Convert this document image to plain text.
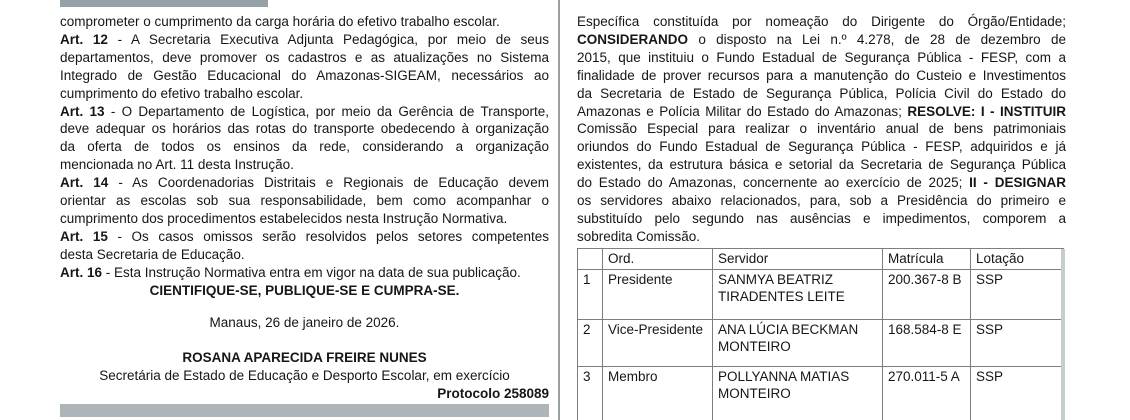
comprometer o cumprimento da carga horária do efetivo trabalho escolar.
Art. 12 - A Secretaria Executiva Adjunta Pedagógica, por meio de seus
departamentos, deve promover os cadastros e as atualizações no Sistema
Integrado de Gestão Educacional do Amazonas-SIGEAM, necessários ao
cumprimento do efetivo trabalho escolar.
Art. 13 - O Departamento de Logística, por meio da Gerência de Transporte,
deve adequar os horários das rotas do transporte obedecendo à organização
da oferta de todos os ensinos da rede, considerando a organização
mencionada no Art. 11 desta Instrução.
Art. 14 - As Coordenadorias Distritais e Regionais de Educação devem
orientar as escolas sob sua responsabilidade, bem como acompanhar o
cumprimento dos procedimentos estabelecidos nesta Instrução Normativa.
Art. 15 - Os casos omissos serão resolvidos pelos setores competentes
desta Secretaria de Educação.
Art. 16 - Esta Instrução Normativa entra em vigor na data de sua publicação.
CIENTIFIQUE-SE, PUBLIQUE-SE E CUMPRA-SE.
Manaus, 26 de janeiro de 2026.
ROSANA APARECIDA FREIRE NUNES
Secretária de Estado de Educação e Desporto Escolar, em exercício
Protocolo 258089
Específica constituída por nomeação do Dirigente do Órgão/Entidade;
CONSIDERANDO o disposto na Lei n.º 4.278, de 28 de dezembro de
2015, que instituiu o Fundo Estadual de Segurança Pública - FESP, com a
finalidade de prover recursos para a manutenção do Custeio e Investimentos
da Secretaria de Estado de Segurança Pública, Polícia Civil do Estado do
Amazonas e Polícia Militar do Estado do Amazonas; RESOLVE: I - INSTITUIR
Comissão Especial para realizar o inventário anual de bens patrimoniais
oriundos do Fundo Estadual de Segurança Pública - FESP, adquiridos e já
existentes, da estrutura básica e setorial da Secretaria de Segurança Pública
do Estado do Amazonas, concernente ao exercício de 2025; II - DESIGNAR
os servidores abaixo relacionados, para, sob a Presidência do primeiro e
substituído pelo segundo nas ausências e impedimentos, comporem a
sobredita Comissão.
	Ord.	Servidor	Matrícula	Lotação
1	Presidente	SANMYA BEATRIZ TIRADENTES LEITE	200.367-8 B	SSP
2	Vice-Presidente	ANA LÚCIA BECKMAN MONTEIRO	168.584-8 E	SSP
3	Membro	POLLYANNA MATIAS MONTEIRO	270.011-5 A	SSP
